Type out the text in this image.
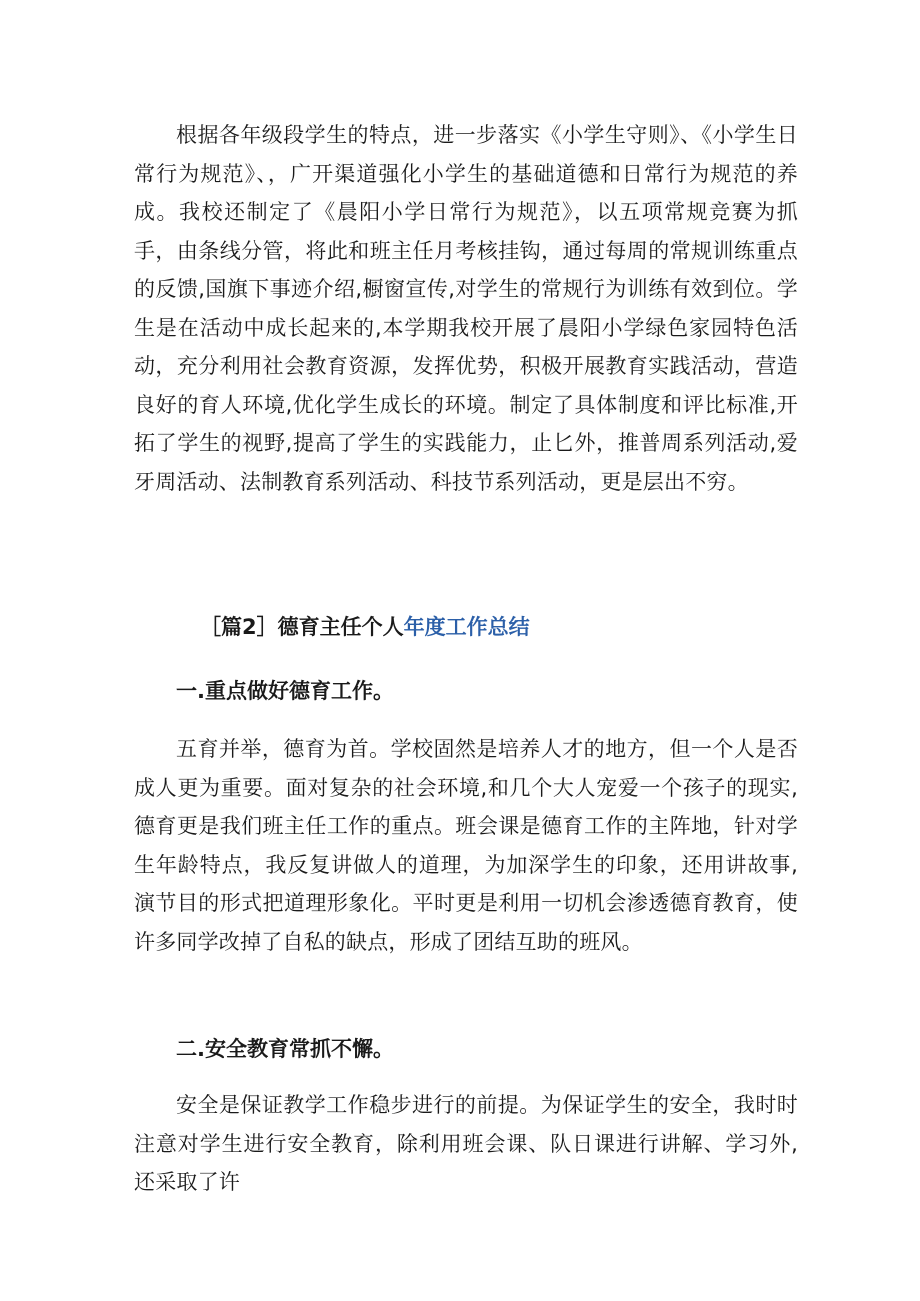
根据各年级段学生的特点，进一步落实《小学生守则》、《小学生日常行为规范》、，广开渠道强化小学生的基础道德和日常行为规范的养成。我校还制定了《晨阳小学日常行为规范》，以五项常规竞赛为抓手，由条线分管，将此和班主任月考核挂钩，通过每周的常规训练重点的反馈,国旗下事迹介绍,橱窗宣传,对学生的常规行为训练有效到位。学生是在活动中成长起来的,本学期我校开展了晨阳小学绿色家园特色活动，充分利用社会教育资源，发挥优势，积极开展教育实践活动，营造良好的育人环境,优化学生成长的环境。制定了具体制度和评比标准,开拓了学生的视野,提高了学生的实践能力，止匕外，推普周系列活动,爱牙周活动、法制教育系列活动、科技节系列活动，更是层出不穷。

［篇2］德育主任个人年度工作总结
一.重点做好德育工作。

五育并举，德育为首。学校固然是培养人才的地方，但一个人是否成人更为重要。面对复杂的社会环境,和几个大人宠爱一个孩子的现实,德育更是我们班主任工作的重点。班会课是德育工作的主阵地，针对学生年龄特点，我反复讲做人的道理，为加深学生的印象，还用讲故事,演节目的形式把道理形象化。平时更是利用一切机会渗透德育教育，使许多同学改掉了自私的缺点，形成了团结互助的班风。

二.安全教育常抓不懈。

安全是保证教学工作稳步进行的前提。为保证学生的安全，我时时注意对学生进行安全教育，除利用班会课、队日课进行讲解、学习外,还采取了许
